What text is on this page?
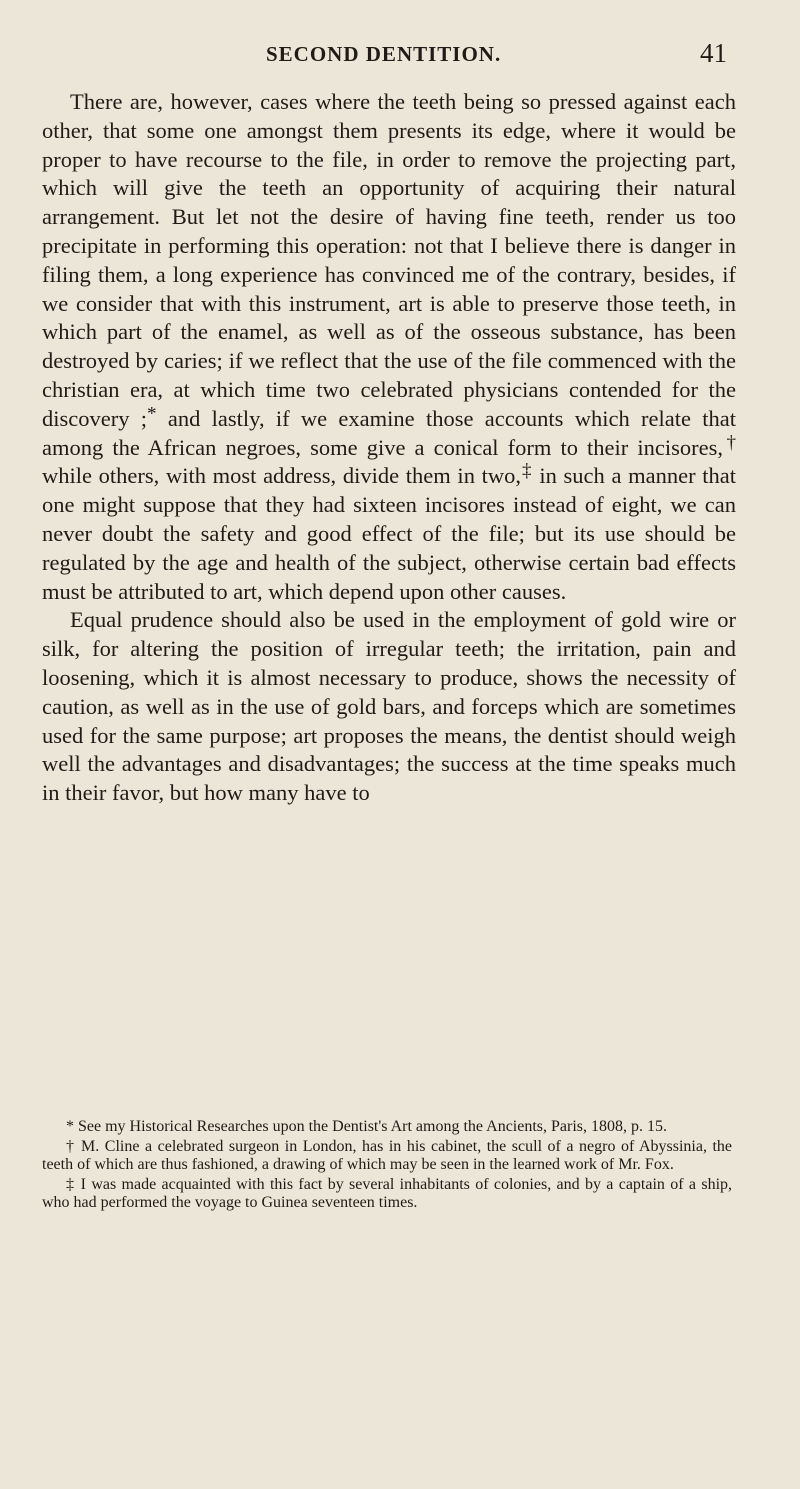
SECOND DENTITION.	41

There are, however, cases where the teeth being so pressed against each other, that some one amongst them presents its edge, where it would be proper to have recourse to the file, in order to remove the projecting part, which will give the teeth an opportunity of acquiring their natural arrangement. But let not the desire of having fine teeth, render us too precipitate in performing this operation: not that I believe there is danger in filing them, a long experience has convinced me of the contrary, besides, if we consider that with this instrument, art is able to preserve those teeth, in which part of the enamel, as well as of the osseous substance, has been destroyed by caries; if we reflect that the use of the file commenced with the christian era, at which time two celebrated physicians contended for the discovery ;* and lastly, if we examine those accounts which relate that among the African negroes, some give a conical form to their incisores,† while others, with most address, divide them in two,‡ in such a manner that one might suppose that they had sixteen incisores instead of eight, we can never doubt the safety and good effect of the file; but its use should be regulated by the age and health of the subject, otherwise certain bad effects must be attributed to art, which depend upon other causes.

Equal prudence should also be used in the employment of gold wire or silk, for altering the position of irregular teeth; the irritation, pain and loosening, which it is almost necessary to produce, shows the necessity of caution, as well as in the use of gold bars, and forceps which are sometimes used for the same purpose; art proposes the means, the dentist should weigh well the advantages and disadvantages; the success at the time speaks much in their favor, but how many have to

* See my Historical Researches upon the Dentist's Art among the Ancients, Paris, 1808, p. 15.

† M. Cline a celebrated surgeon in London, has in his cabinet, the scull of a negro of Abyssinia, the teeth of which are thus fashioned, a drawing of which may be seen in the learned work of Mr. Fox.

‡ I was made acquainted with this fact by several inhabitants of colonies, and by a captain of a ship, who had performed the voyage to Guinea seventeen times.
